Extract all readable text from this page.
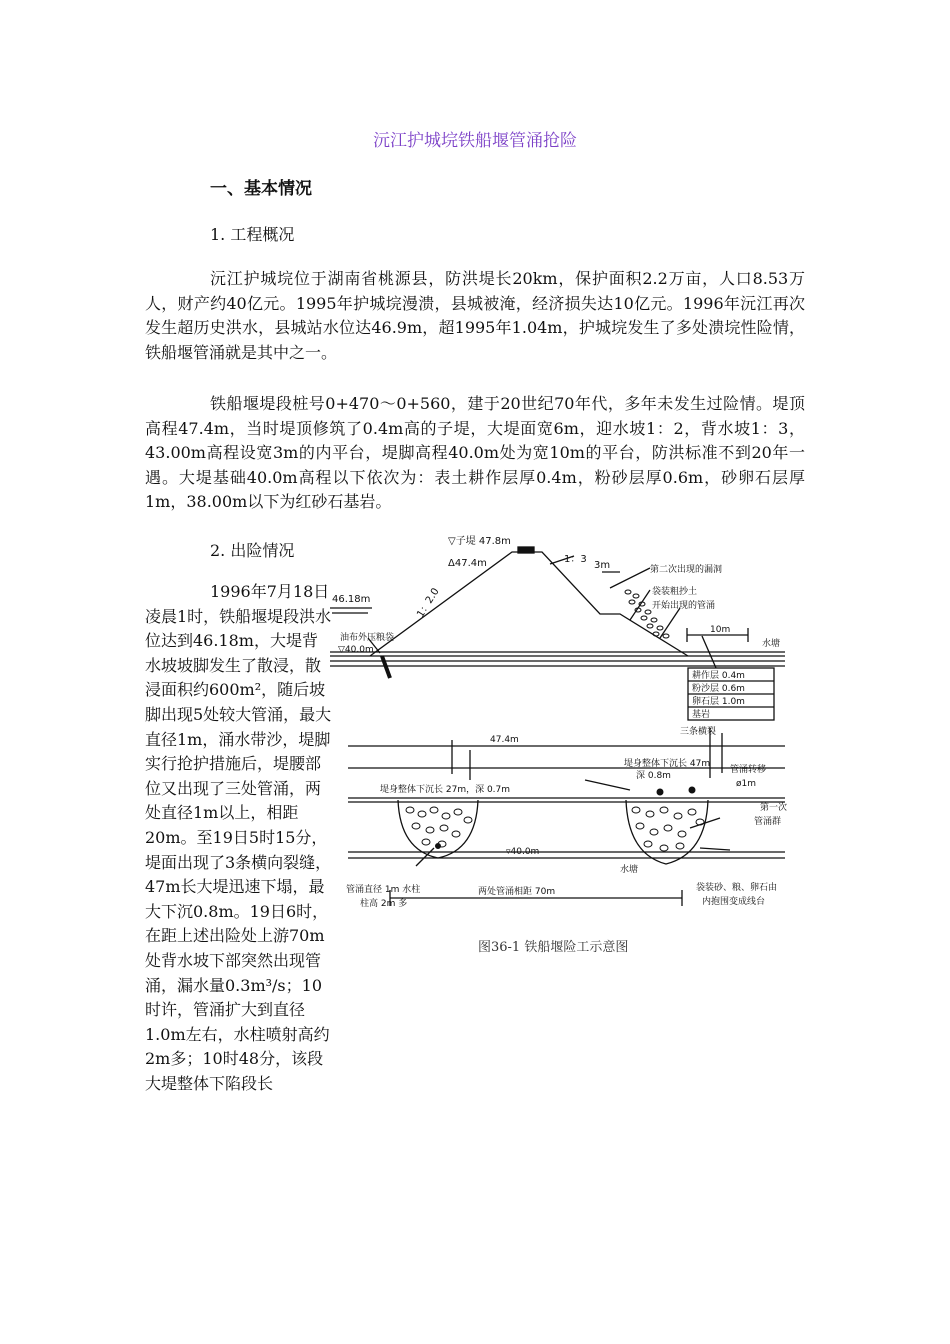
沅江护城垸铁船堰管涌抢险
一、基本情况
1. 工程概况

沅江护城垸位于湖南省桃源县，防洪堤长20km，保护面积2.2万亩，人口8.53万人，财产约40亿元。1995年护城垸漫溃，县城被淹，经济损失达10亿元。1996年沅江再次发生超历史洪水，县城站水位达46.9m，超1995年1.04m，护城垸发生了多处溃垸性险情，铁船堰管涌就是其中之一。

铁船堰堤段桩号0+470～0+560，建于20世纪70年代，多年未发生过险情。堤顶高程47.4m，当时堤顶修筑了0.4m高的子堤，大堤面宽6m，迎水坡1：2，背水坡1：3，43.00m高程设宽3m的内平台，堤脚高程40.0m处为宽10m的平台，防洪标准不到20年一遇。大堤基础40.0m高程以下依次为：表土耕作层厚0.4m，粉砂层厚0.6m，砂卵石层厚1m，38.00m以下为红砂石基岩。

2. 出险情况

1996年7月18日凌晨1时，铁船堰堤段洪水位达到46.18m，大堤背水坡坡脚发生了散浸，散浸面积约600m²，随后坡脚出现5处较大管涌，最大直径1m，涌水带沙，堤脚实行抢护措施后，堤腰部位又出现了三处管涌，两处直径1m以上，相距20m。至19日5时15分，堤面出现了3条横向裂缝，47m长大堤迅速下塌，最大下沉0.8m。19日6时，在距上述出险处上游70m处背水坡下部突然出现管涌，漏水量0.3m³/s；10时许，管涌扩大到直径1.0m左右，水柱喷射高约2m多；10时48分，该段大堤整体下陷段长

46.18m
▽子堤 47.8m
Δ47.4m	1：3
3m
1：2.0
第二次出现的漏洞
袋装粗抄土
开始出现的管涌
油布外压粮袋
▽40.0m
10m
水塘
耕作层 0.4m
粉沙层 0.6m
卵石层 1.0m
基岩
三条横裂
47.4m
堤身整体下沉长 47m
深 0.8m
堤身整体下沉长 27m，深 0.7m
管涌转移
ø1m
第一次
管涌群
▿40.0m
水塘
管涌直径 1m 水柱
柱高 2m 多
两处管涌相距 70m	袋装砂、粮、卵石由
内抱围变成线台
图36-1 铁船堰险工示意图
